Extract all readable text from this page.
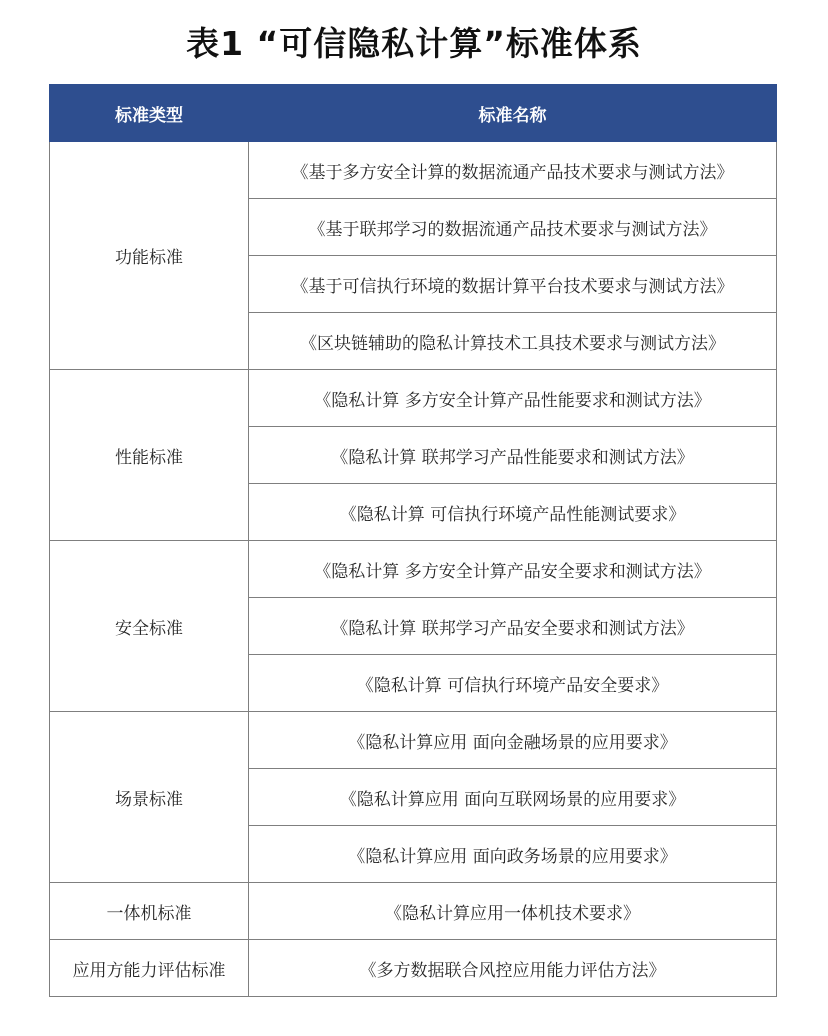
表1 “可信隐私计算”标准体系
标准类型	标准名称
功能标准	《基于多方安全计算的数据流通产品技术要求与测试方法》
	《基于联邦学习的数据流通产品技术要求与测试方法》
	《基于可信执行环境的数据计算平台技术要求与测试方法》
	《区块链辅助的隐私计算技术工具技术要求与测试方法》
性能标准	《隐私计算 多方安全计算产品性能要求和测试方法》
	《隐私计算 联邦学习产品性能要求和测试方法》
	《隐私计算 可信执行环境产品性能测试要求》
安全标准	《隐私计算 多方安全计算产品安全要求和测试方法》
	《隐私计算 联邦学习产品安全要求和测试方法》
	《隐私计算 可信执行环境产品安全要求》
场景标准	《隐私计算应用 面向金融场景的应用要求》
	《隐私计算应用 面向互联网场景的应用要求》
	《隐私计算应用 面向政务场景的应用要求》
一体机标准	《隐私计算应用一体机技术要求》
应用方能力评估标准	《多方数据联合风控应用能力评估方法》
